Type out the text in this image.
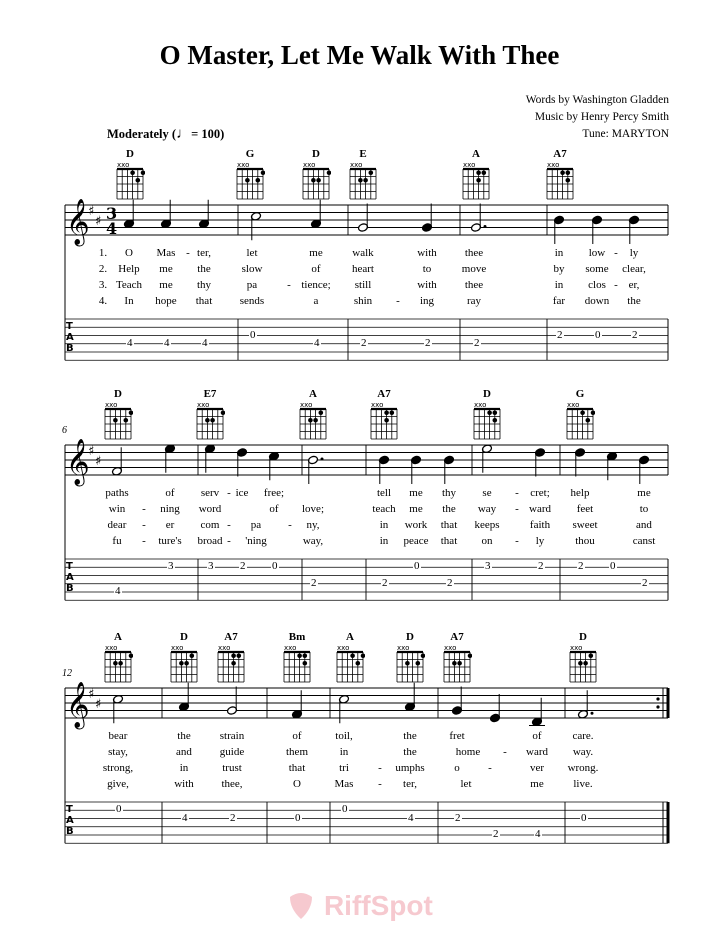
O Master, Let Me Walk With Thee
Words by Washington Gladden
Music by Henry Percy Smith
Tune: MARYTON
Moderately (♩= 100)
D
xxo
G
xxo
D
xxo
E
xxo
A
xxo
A7
xxo
𝄞
♯
♯ 3
4
T
A
B	4	4	4
0
4	2	2	2
2	0	2
1. O Mas - ter,	let	me	walk	with	thee	in low - ly
2. Help me the	slow	of	heart	to	move	by some clear,
3. Teach me thy	pa	- tience; still	with	thee	in clos - er,
4. In hope that	sends	a	shin - ing	ray	far down the
6
D
xxo
E7
xxo
A
xxo
A7
xxo
D
xxo
G
xxo
𝄞
♯
♯
T
A
B	4
3	3 2 0
2	2
0
2
3	2	2 0
2
paths	of serv - ice free;	tell me thy se - cret; help	me
win - ning word	of love;	teach me the way - ward feet	to
dear - er com - pa - ny,	in work that keeps	faith sweet	and
fu - ture's broad - 'ning	way,	in peace that on - ly	thou	canst
12
A
xxo
D
xxo
A7
xxo
Bm
xxo
A
xxo
D
xxo
A7
xxo
D
xxo
𝄞
♯
♯
T
A
B
0
4	2	0
0
4	2
2	4
0
bear	the	strain	of	toil,	the	fret	of	care.
stay,	and	guide	them	in	the	home - ward way.
strong,	in	trust	that	tri	- umphs	o	-	ver wrong.
give,	with	thee,	O	Mas - ter,	let	me	live.
RiffSpot
